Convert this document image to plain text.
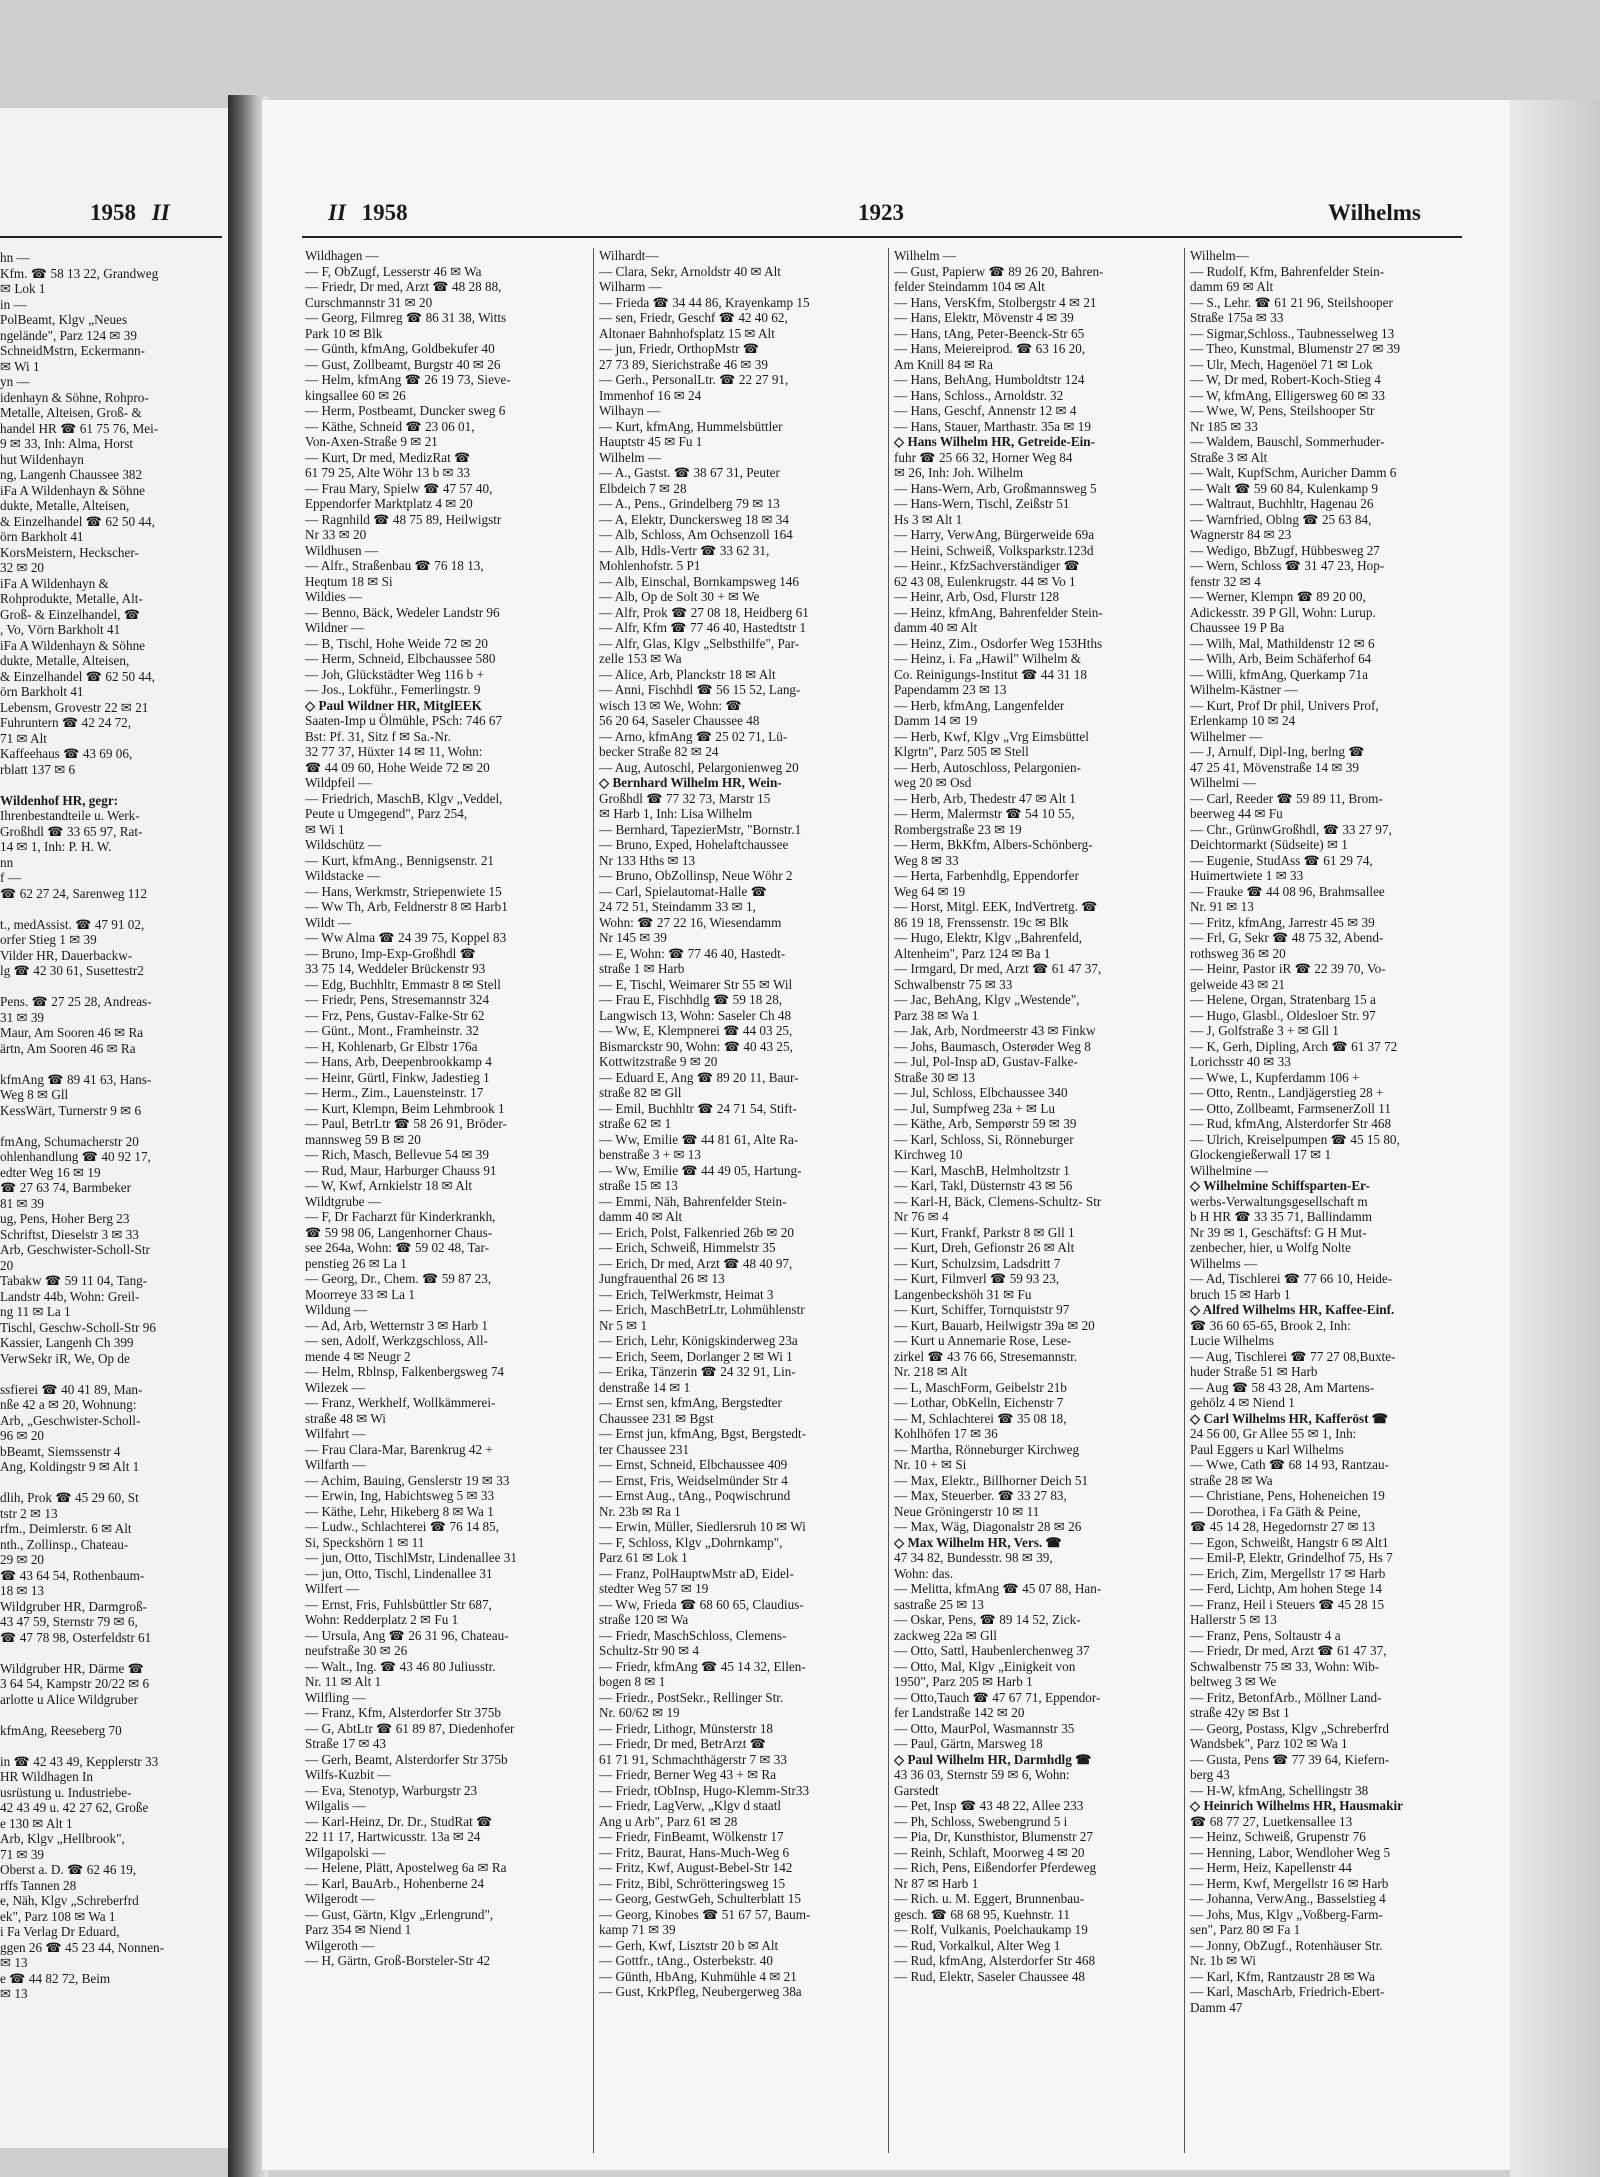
1958 II
hn —
Kfm. ☎ 58 13 22, Grandweg
✉ Lok 1
in —
PolBeamt, Klgv „Neues
ngelände", Parz 124 ✉ 39
SchneidMstrn, Eckermann-
✉ Wi 1
yn —
idenhayn & Söhne, Rohpro-
Metalle, Alteisen, Groß- &
handel HR ☎ 61 75 76, Mei-
9 ✉ 33, Inh: Alma, Horst
hut Wildenhayn
ng, Langenh Chaussee 382
iFa A Wildenhayn & Söhne
dukte, Metalle, Alteisen,
& Einzelhandel ☎ 62 50 44,
örn Barkholt 41
KorsMeistern, Heckscher-
32 ✉ 20
iFa A Wildenhayn &
Rohprodukte, Metalle, Alt-
Groß- & Einzelhandel, ☎
, Vo, Vörn Barkholt 41
iFa A Wildenhayn & Söhne
dukte, Metalle, Alteisen,
& Einzelhandel ☎ 62 50 44,
örn Barkholt 41
Lebensm, Grovestr 22 ✉ 21
Fuhruntern ☎ 42 24 72,
71 ✉ Alt
Kaffeehaus ☎ 43 69 06,
rblatt 137 ✉ 6

Wildenhof HR, gegr:
Ihrenbestandteile u. Werk-
Großhdl ☎ 33 65 97, Rat-
14 ✉ 1, Inh: P. H. W.
nn
f —
☎ 62 27 24, Sarenweg 112

t., medAssist. ☎ 47 91 02,
orfer Stieg 1 ✉ 39
Vilder HR, Dauerbackw-
lg ☎ 42 30 61, Susettestr2

Pens. ☎ 27 25 28, Andreas-
31 ✉ 39
Maur, Am Sooren 46 ✉ Ra
ärtn, Am Sooren 46 ✉ Ra

kfmAng ☎ 89 41 63, Hans-
Weg 8 ✉ Gll
KessWärt, Turnerstr 9 ✉ 6

fmAng, Schumacherstr 20
ohlenhandlung ☎ 40 92 17,
edter Weg 16 ✉ 19
☎ 27 63 74, Barmbeker
81 ✉ 39
ug, Pens, Hoher Berg 23
Schriftst, Dieselstr 3 ✉ 33
Arb, Geschwister-Scholl-Str
20
Tabakw ☎ 59 11 04, Tang-
Landstr 44b, Wohn: Greil-
ng 11 ✉ La 1
Tischl, Geschw-Scholl-Str 96
Kassier, Langenh Ch 399
VerwSekr iR, We, Op de

ssfierei ☎ 40 41 89, Man-
nße 42 a ✉ 20, Wohnung:
Arb, „Geschwister-Scholl-
96 ✉ 20
bBeamt, Siemssenstr 4
Ang, Koldingstr 9 ✉ Alt 1

dlih, Prok ☎ 45 29 60, St
tstr 2 ✉ 13
rfm., Deimlerstr. 6 ✉ Alt
nth., Zollinsp., Chateau-
29 ✉ 20
☎ 43 64 54, Rothenbaum-
18 ✉ 13
Wildgruber HR, Darmgroß-
43 47 59, Sternstr 79 ✉ 6,
☎ 47 78 98, Osterfeldstr 61

Wildgruber HR, Därme ☎
3 64 54, Kampstr 20/22 ✉ 6
arlotte u Alice Wildgruber

kfmAng, Reeseberg 70

in ☎ 42 43 49, Kepplerstr 33
HR Wildhagen In
usrüstung u. Industriebe-
42 43 49 u. 42 27 62, Große
e 130 ✉ Alt 1
Arb, Klgv „Hellbrook",
71 ✉ 39
Oberst a. D. ☎ 62 46 19,
rffs Tannen 28
e, Näh, Klgv „Schreberfrd
ek", Parz 108 ✉ Wa 1
i Fa Verlag Dr Eduard,
ggen 26 ☎ 45 23 44, Nonnen-
✉ 13
e ☎ 44 82 72, Beim
✉ 13
II 1958	1923	Wilhelms
Wildhagen —
— F, ObZugf, Lesserstr 46 ✉ Wa
— Friedr, Dr med, Arzt ☎ 48 28 88,
Curschmannstr 31 ✉ 20
— Georg, Filmreg ☎ 86 31 38, Witts
Park 10 ✉ Blk
— Günth, kfmAng, Goldbekufer 40
— Gust, Zollbeamt, Burgstr 40 ✉ 26
— Helm, kfmAng ☎ 26 19 73, Sieve-
kingsallee 60 ✉ 26
— Herm, Postbeamt, Duncker sweg 6
— Käthe, Schneid ☎ 23 06 01,
Von-Axen-Straße 9 ✉ 21
— Kurt, Dr med, MedizRat ☎
61 79 25, Alte Wöhr 13 b ✉ 33
— Frau Mary, Spielw ☎ 47 57 40,
Eppendorfer Marktplatz 4 ✉ 20
— Ragnhild ☎ 48 75 89, Heilwigstr
Nr 33 ✉ 20
Wildhusen —
— Alfr., Straßenbau ☎ 76 18 13,
Heqtum 18 ✉ Si
Wildies —
— Benno, Bäck, Wedeler Landstr 96
Wildner —
— B, Tischl, Hohe Weide 72 ✉ 20
— Herm, Schneid, Elbchaussee 580
— Joh, Glückstädter Weg 116 b +
— Jos., Lokführ., Femerlingstr. 9
◇ Paul Wildner HR, MitglEEK
Saaten-Imp u Ölmühle, PSch: 746 67
Bst: Pf. 31, Sitz f ✉ Sa.-Nr.
32 77 37, Hüxter 14 ✉ 11, Wohn:
☎ 44 09 60, Hohe Weide 72 ✉ 20
Wildpfeil —
— Friedrich, MaschB, Klgv „Veddel,
Peute u Umgegend", Parz 254,
✉ Wi 1
Wildschütz —
— Kurt, kfmAng., Bennigsenstr. 21
Wildstacke —
— Hans, Werkmstr, Striepenwiete 15
— Ww Th, Arb, Feldnerstr 8 ✉ Harb1
Wildt —
— Ww Alma ☎ 24 39 75, Koppel 83
— Bruno, Imp-Exp-Großhdl ☎
33 75 14, Weddeler Brückenstr 93
— Edg, Buchhltr, Emmastr 8 ✉ Stell
— Friedr, Pens, Stresemannstr 324
— Frz, Pens, Gustav-Falke-Str 62
— Günt., Mont., Framheinstr. 32
— H, Kohlenarb, Gr Elbstr 176a
— Hans, Arb, Deepenbrookkamp 4
— Heinr, Gürtl, Finkw, Jadestieg 1
— Herm., Zim., Lauensteinstr. 17
— Kurt, Klempn, Beim Lehmbrook 1
— Paul, BetrLtr ☎ 58 26 91, Bröder-
mannsweg 59 B ✉ 20
— Rich, Masch, Bellevue 54 ✉ 39
— Rud, Maur, Harburger Chauss 91
— W, Kwf, Arnkielstr 18 ✉ Alt
Wildtgrube —
— F, Dr Facharzt für Kinderkrankh,
☎ 59 98 06, Langenhorner Chaus-
see 264a, Wohn: ☎ 59 02 48, Tar-
penstieg 26 ✉ La 1
— Georg, Dr., Chem. ☎ 59 87 23,
Moorreye 33 ✉ La 1
Wildung —
— Ad, Arb, Wetternstr 3 ✉ Harb 1
— sen, Adolf, Werkzgschloss, All-
mende 4 ✉ Neugr 2
— Helm, Rblnsp, Falkenbergsweg 74
Wilezek —
— Franz, Werkhelf, Wollkämmerei-
straße 48 ✉ Wi
Wilfahrt —
— Frau Clara-Mar, Barenkrug 42 +
Wilfarth —
— Achim, Bauing, Genslerstr 19 ✉ 33
— Erwin, Ing, Habichtsweg 5 ✉ 33
— Käthe, Lehr, Hikeberg 8 ✉ Wa 1
— Ludw., Schlachterei ☎ 76 14 85,
Si, Speckshörn 1 ✉ 11
— jun, Otto, TischlMstr, Lindenallee 31
— jun, Otto, Tischl, Lindenallee 31
Wilfert —
— Ernst, Fris, Fuhlsbüttler Str 687,
Wohn: Redderplatz 2 ✉ Fu 1
— Ursula, Ang ☎ 26 31 96, Chateau-
neufstraße 30 ✉ 26
— Walt., Ing. ☎ 43 46 80 Juliusstr.
Nr. 11 ✉ Alt 1
Wilfling —
— Franz, Kfm, Alsterdorfer Str 375b
— G, AbtLtr ☎ 61 89 87, Diedenhofer
Straße 17 ✉ 43
— Gerh, Beamt, Alsterdorfer Str 375b
Wilfs-Kuzbit —
— Eva, Stenotyp, Warburgstr 23
Wilgalis —
— Karl-Heinz, Dr. Dr., StudRat ☎
22 11 17, Hartwicusstr. 13a ✉ 24
Wilgapolski —
— Helene, Plätt, Apostelweg 6a ✉ Ra
— Karl, BauArb., Hohenberne 24
Wilgerodt —
— Gust, Gärtn, Klgv „Erlengrund",
Parz 354 ✉ Niend 1
Wilgeroth —
— H, Gärtn, Groß-Borsteler-Str 42
Wilhardt—
— Clara, Sekr, Arnoldstr 40 ✉ Alt
Wilharm —
— Frieda ☎ 34 44 86, Krayenkamp 15
— sen, Friedr, Geschf ☎ 42 40 62,
Altonaer Bahnhofsplatz 15 ✉ Alt
— jun, Friedr, OrthopMstr ☎
27 73 89, Sierichstraße 46 ✉ 39
— Gerh., PersonalLtr. ☎ 22 27 91,
Immenhof 16 ✉ 24
Wilhayn —
— Kurt, kfmAng, Hummelsbüttler
Hauptstr 45 ✉ Fu 1
Wilhelm —
— A., Gastst. ☎ 38 67 31, Peuter
Elbdeich 7 ✉ 28
— A., Pens., Grindelberg 79 ✉ 13
— A, Elektr, Dunckersweg 18 ✉ 34
— Alb, Schloss, Am Ochsenzoll 164
— Alb, Hdls-Vertr ☎ 33 62 31,
Mohlenhofstr. 5 P1
— Alb, Einschal, Bornkampsweg 146
— Alb, Op de Solt 30 + ✉ We
— Alfr, Prok ☎ 27 08 18, Heidberg 61
— Alfr, Kfm ☎ 77 46 40, Hastedtstr 1
— Alfr, Glas, Klgv „Selbsthilfe", Par-
zelle 153 ✉ Wa
— Alice, Arb, Planckstr 18 ✉ Alt
— Anni, Fischhdl ☎ 56 15 52, Lang-
wisch 13 ✉ We, Wohn: ☎
56 20 64, Saseler Chaussee 48
— Arno, kfmAng ☎ 25 02 71, Lü-
becker Straße 82 ✉ 24
— Aug, Autoschl, Pelargonienweg 20
◇ Bernhard Wilhelm HR, Wein-
Großhdl ☎ 77 32 73, Marstr 15
✉ Harb 1, Inh: Lisa Wilhelm
— Bernhard, TapezierMstr, "Bornstr.1
— Bruno, Exped, Hohelaftchaussee
Nr 133 Hths ✉ 13
— Bruno, ObZollinsp, Neue Wöhr 2
— Carl, Spielautomat-Halle ☎
24 72 51, Steindamm 33 ✉ 1,
Wohn: ☎ 27 22 16, Wiesendamm
Nr 145 ✉ 39
— E, Wohn: ☎ 77 46 40, Hastedt-
straße 1 ✉ Harb
— E, Tischl, Weimarer Str 55 ✉ Wil
— Frau E, Fischhdlg ☎ 59 18 28,
Langwisch 13, Wohn: Saseler Ch 48
— Ww, E, Klempnerei ☎ 44 03 25,
Bismarckstr 90, Wohn: ☎ 40 43 25,
Kottwitzstraße 9 ✉ 20
— Eduard E, Ang ☎ 89 20 11, Baur-
straße 82 ✉ Gll
— Emil, Buchhltr ☎ 24 71 54, Stift-
straße 62 ✉ 1
— Ww, Emilie ☎ 44 81 61, Alte Ra-
benstraße 3 + ✉ 13
— Ww, Emilie ☎ 44 49 05, Hartung-
straße 15 ✉ 13
— Emmi, Näh, Bahrenfelder Stein-
damm 40 ✉ Alt
— Erich, Polst, Falkenried 26b ✉ 20
— Erich, Schweiß, Himmelstr 35
— Erich, Dr med, Arzt ☎ 48 40 97,
Jungfrauenthal 26 ✉ 13
— Erich, TelWerkmstr, Heimat 3
— Erich, MaschBetrLtr, Lohmühlenstr
Nr 5 ✉ 1
— Erich, Lehr, Königskinderweg 23a
— Erich, Seem, Dorlanger 2 ✉ Wi 1
— Erika, Tänzerin ☎ 24 32 91, Lin-
denstraße 14 ✉ 1
— Ernst sen, kfmAng, Bergstedter
Chaussee 231 ✉ Bgst
— Ernst jun, kfmAng, Bgst, Bergstedt-
ter Chaussee 231
— Ernst, Schneid, Elbchaussee 409
— Ernst, Fris, Weidselmünder Str 4
— Ernst Aug., tAng., Poqwischrund
Nr. 23b ✉ Ra 1
— Erwin, Müller, Siedlersruh 10 ✉ Wi
— F, Schloss, Klgv „Dohrnkamp",
Parz 61 ✉ Lok 1
— Franz, PolHauptwMstr aD, Eidel-
stedter Weg 57 ✉ 19
— Ww, Frieda ☎ 68 60 65, Claudius-
straße 120 ✉ Wa
— Friedr, MaschSchloss, Clemens-
Schultz-Str 90 ✉ 4
— Friedr, kfmAng ☎ 45 14 32, Ellen-
bogen 8 ✉ 1
— Friedr., PostSekr., Rellinger Str.
Nr. 60/62 ✉ 19
— Friedr, Lithogr, Münsterstr 18
— Friedr, Dr med, BetrArzt ☎
61 71 91, Schmachthägerstr 7 ✉ 33
— Friedr, Berner Weg 43 + ✉ Ra
— Friedr, tObInsp, Hugo-Klemm-Str33
— Friedr, LagVerw, „Klgv d staatl
Ang u Arb", Parz 61 ✉ 28
— Friedr, FinBeamt, Wölkenstr 17
— Fritz, Baurat, Hans-Much-Weg 6
— Fritz, Kwf, August-Bebel-Str 142
— Fritz, Bibl, Schrötteringsweg 15
— Georg, GestwGeh, Schulterblatt 15
— Georg, Kinobes ☎ 51 67 57, Baum-
kamp 71 ✉ 39
— Gerh, Kwf, Lisztstr 20 b ✉ Alt
— Gottfr., tAng., Osterbekstr. 40
— Günth, HbAng, Kuhmühle 4 ✉ 21
— Gust, KrkPfleg, Neubergerweg 38a
Wilhelm —
— Gust, Papierw ☎ 89 26 20, Bahren-
felder Steindamm 104 ✉ Alt
— Hans, VersKfm, Stolbergstr 4 ✉ 21
— Hans, Elektr, Mövenstr 4 ✉ 39
— Hans, tAng, Peter-Beenck-Str 65
— Hans, Meiereiprod. ☎ 63 16 20,
Am Knill 84 ✉ Ra
— Hans, BehAng, Humboldtstr 124
— Hans, Schloss., Arnoldstr. 32
— Hans, Geschf, Annenstr 12 ✉ 4
— Hans, Stauer, Marthastr. 35a ✉ 19
◇ Hans Wilhelm HR, Getreide-Ein-
fuhr ☎ 25 66 32, Horner Weg 84
✉ 26, Inh: Joh. Wilhelm
— Hans-Wern, Arb, Großmannsweg 5
— Hans-Wern, Tischl, Zeißstr 51
Hs 3 ✉ Alt 1
— Harry, VerwAng, Bürgerweide 69a
— Heini, Schweiß, Volksparkstr.123d
— Heinr., KfzSachverständiger ☎
62 43 08, Eulenkrugstr. 44 ✉ Vo 1
— Heinr, Arb, Osd, Flurstr 128
— Heinz, kfmAng, Bahrenfelder Stein-
damm 40 ✉ Alt
— Heinz, Zim., Osdorfer Weg 153Hths
— Heinz, i. Fa „Hawil" Wilhelm &
Co. Reinigungs-Institut ☎ 44 31 18
Papendamm 23 ✉ 13
— Herb, kfmAng, Langenfelder
Damm 14 ✉ 19
— Herb, Kwf, Klgv „Vrg Eimsbüttel
Klgrtn", Parz 505 ✉ Stell
— Herb, Autoschloss, Pelargonien-
weg 20 ✉ Osd
— Herb, Arb, Thedestr 47 ✉ Alt 1
— Herm, Malermstr ☎ 54 10 55,
Rombergstraße 23 ✉ 19
— Herm, BkKfm, Albers-Schönberg-
Weg 8 ✉ 33
— Herta, Farbenhdlg, Eppendorfer
Weg 64 ✉ 19
— Horst, Mitgl. EEK, IndVertretg. ☎
86 19 18, Frenssenstr. 19c ✉ Blk
— Hugo, Elektr, Klgv „Bahrenfeld,
Altenheim", Parz 124 ✉ Ba 1
— Irmgard, Dr med, Arzt ☎ 61 47 37,
Schwalbenstr 75 ✉ 33
— Jac, BehAng, Klgv „Westende",
Parz 38 ✉ Wa 1
— Jak, Arb, Nordmeerstr 43 ✉ Finkw
— Johs, Baumasch, Osterøder Weg 8
— Jul, Pol-Insp aD, Gustav-Falke-
Straße 30 ✉ 13
— Jul, Schloss, Elbchaussee 340
— Jul, Sumpfweg 23a + ✉ Lu
— Käthe, Arb, Sempørstr 59 ✉ 39
— Karl, Schloss, Si, Rönneburger
Kirchweg 10
— Karl, MaschB, Helmholtzstr 1
— Karl, Takl, Düsternstr 43 ✉ 56
— Karl-H, Bäck, Clemens-Schultz- Str
Nr 76 ✉ 4
— Kurt, Frankf, Parkstr 8 ✉ Gll 1
— Kurt, Dreh, Gefionstr 26 ✉ Alt
— Kurt, Schulzsim, Ladsdritt 7
— Kurt, Filmverl ☎ 59 93 23,
Langenbeckshöh 31 ✉ Fu
— Kurt, Schiffer, Tornquiststr 97
— Kurt, Bauarb, Heilwigstr 39a ✉ 20
— Kurt u Annemarie Rose, Lese-
zirkel ☎ 43 76 66, Stresemannstr.
Nr. 218 ✉ Alt
— L, MaschForm, Geibelstr 21b
— Lothar, ObKelln, Eichenstr 7
— M, Schlachterei ☎ 35 08 18,
Kohlhöfen 17 ✉ 36
— Martha, Rönneburger Kirchweg
Nr. 10 + ✉ Si
— Max, Elektr., Billhorner Deich 51
— Max, Steuerber. ☎ 33 27 83,
Neue Gröningerstr 10 ✉ 11
— Max, Wäg, Diagonalstr 28 ✉ 26
◇ Max Wilhelm HR, Vers. ☎
47 34 82, Bundesstr. 98 ✉ 39,
Wohn: das.
— Melitta, kfmAng ☎ 45 07 88, Han-
sastraße 25 ✉ 13
— Oskar, Pens, ☎ 89 14 52, Zick-
zackweg 22a ✉ Gll
— Otto, Sattl, Haubenlerchenweg 37
— Otto, Mal, Klgv „Einigkeit von
1950", Parz 205 ✉ Harb 1
— Otto,Tauch ☎ 47 67 71, Eppendor-
fer Landstraße 142 ✉ 20
— Otto, MaurPol, Wasmannstr 35
— Paul, Gärtn, Marsweg 18
◇ Paul Wilhelm HR, Darmhdlg ☎
43 36 03, Sternstr 59 ✉ 6, Wohn:
Garstedt
— Pet, Insp ☎ 43 48 22, Allee 233
— Ph, Schloss, Swebengrund 5 i
— Pia, Dr, Kunsthistor, Blumenstr 27
— Reinh, Schlaft, Moorweg 4 ✉ 20
— Rich, Pens, Eißendorfer Pferdeweg
Nr 87 ✉ Harb 1
— Rich. u. M. Eggert, Brunnenbau-
gesch. ☎ 68 68 95, Kuehnstr. 11
— Rolf, Vulkanis, Poelchaukamp 19
— Rud, Vorkalkul, Alter Weg 1
— Rud, kfmAng, Alsterdorfer Str 468
— Rud, Elektr, Saseler Chaussee 48
Wilhelm—
— Rudolf, Kfm, Bahrenfelder Stein-
damm 69 ✉ Alt
— S., Lehr. ☎ 61 21 96, Steilshooper
Straße 175a ✉ 33
— Sigmar,Schloss., Taubnesselweg 13
— Theo, Kunstmal, Blumenstr 27 ✉ 39
— Ulr, Mech, Hagenöel 71 ✉ Lok
— W, Dr med, Robert-Koch-Stieg 4
— W, kfmAng, Elligersweg 60 ✉ 33
— Wwe, W, Pens, Steilshooper Str
Nr 185 ✉ 33
— Waldem, Bauschl, Sommerhuder-
Straße 3 ✉ Alt
— Walt, KupfSchm, Auricher Damm 6
— Walt ☎ 59 60 84, Kulenkamp 9
— Waltraut, Buchhltr, Hagenau 26
— Warnfried, Oblng ☎ 25 63 84,
Wagnerstr 84 ✉ 23
— Wedigo, BbZugf, Hübbesweg 27
— Wern, Schloss ☎ 31 47 23, Hop-
fenstr 32 ✉ 4
— Werner, Klempn ☎ 89 20 00,
Adickesstr. 39 P Gll, Wohn: Lurup.
Chaussee 19 P Ba
— Wilh, Mal, Mathildenstr 12 ✉ 6
— Wilh, Arb, Beim Schäferhof 64
— Willi, kfmAng, Querkamp 71a
Wilhelm-Kästner —
— Kurt, Prof Dr phil, Univers Prof,
Erlenkamp 10 ✉ 24
Wilhelmer —
— J, Arnulf, Dipl-Ing, berlng ☎
47 25 41, Mövenstraße 14 ✉ 39
Wilhelmi —
— Carl, Reeder ☎ 59 89 11, Brom-
beerweg 44 ✉ Fu
— Chr., GrünwGroßhdl, ☎ 33 27 97,
Deichtormarkt (Südseite) ✉ 1
— Eugenie, StudAss ☎ 61 29 74,
Huimertwiete 1 ✉ 33
— Frauke ☎ 44 08 96, Brahmsallee
Nr. 91 ✉ 13
— Fritz, kfmAng, Jarrestr 45 ✉ 39
— Frl, G, Sekr ☎ 48 75 32, Abend-
rothsweg 36 ✉ 20
— Heinr, Pastor iR ☎ 22 39 70, Vo-
gelweide 43 ✉ 21
— Helene, Organ, Stratenbarg 15 a
— Hugo, Glasbl., Oldesloer Str. 97
— J, Golfstraße 3 + ✉ Gll 1
— K, Gerh, Dipling, Arch ☎ 61 37 72
Lorichsstr 40 ✉ 33
— Wwe, L, Kupferdamm 106 +
— Otto, Rentn., Landjägerstieg 28 +
— Otto, Zollbeamt, FarmsenerZoll 11
— Rud, kfmAng, Alsterdorfer Str 468
— Ulrich, Kreiselpumpen ☎ 45 15 80,
Glockengießerwall 17 ✉ 1
Wilhelmine —
◇ Wilhelmine Schiffsparten-Er-
werbs-Verwaltungsgesellschaft m
b H HR ☎ 33 35 71, Ballindamm
Nr 39 ✉ 1, Geschäftsf: G H Mut-
zenbecher, hier, u Wolfg Nolte
Wilhelms —
— Ad, Tischlerei ☎ 77 66 10, Heide-
bruch 15 ✉ Harb 1
◇ Alfred Wilhelms HR, Kaffee-Einf.
☎ 36 60 65-65, Brook 2, Inh:
Lucie Wilhelms
— Aug, Tischlerei ☎ 77 27 08,Buxte-
huder Straße 51 ✉ Harb
— Aug ☎ 58 43 28, Am Martens-
gehölz 4 ✉ Niend 1
◇ Carl Wilhelms HR, Kafferöst ☎
24 56 00, Gr Allee 55 ✉ 1, Inh:
Paul Eggers u Karl Wilhelms
— Wwe, Cath ☎ 68 14 93, Rantzau-
straße 28 ✉ Wa
— Christiane, Pens, Hoheneichen 19
— Dorothea, i Fa Gäth & Peine,
☎ 45 14 28, Hegedornstr 27 ✉ 13
— Egon, Schweißt, Hangstr 6 ✉ Alt1
— Emil-P, Elektr, Grindelhof 75, Hs 7
— Erich, Zim, Mergellstr 17 ✉ Harb
— Ferd, Lichtp, Am hohen Stege 14
— Franz, Heil i Steuers ☎ 45 28 15
Hallerstr 5 ✉ 13
— Franz, Pens, Soltaustr 4 a
— Friedr, Dr med, Arzt ☎ 61 47 37,
Schwalbenstr 75 ✉ 33, Wohn: Wib-
beltweg 3 ✉ We
— Fritz, BetonfArb., Möllner Land-
straße 42y ✉ Bst 1
— Georg, Postass, Klgv „Schreberfrd
Wandsbek", Parz 102 ✉ Wa 1
— Gusta, Pens ☎ 77 39 64, Kiefern-
berg 43
— H-W, kfmAng, Schellingstr 38
◇ Heinrich Wilhelms HR, Hausmakir
☎ 68 77 27, Luetkensallee 13
— Heinz, Schweiß, Grupenstr 76
— Henning, Labor, Wendloher Weg 5
— Herm, Heiz, Kapellenstr 44
— Herm, Kwf, Mergellstr 16 ✉ Harb
— Johanna, VerwAng., Basselstieg 4
— Johs, Mus, Klgv „Voßberg-Farm-
sen", Parz 80 ✉ Fa 1
— Jonny, ObZugf., Rotenhäuser Str.
Nr. 1b ✉ Wi
— Karl, Kfm, Rantzaustr 28 ✉ Wa
— Karl, MaschArb, Friedrich-Ebert-
Damm 47
